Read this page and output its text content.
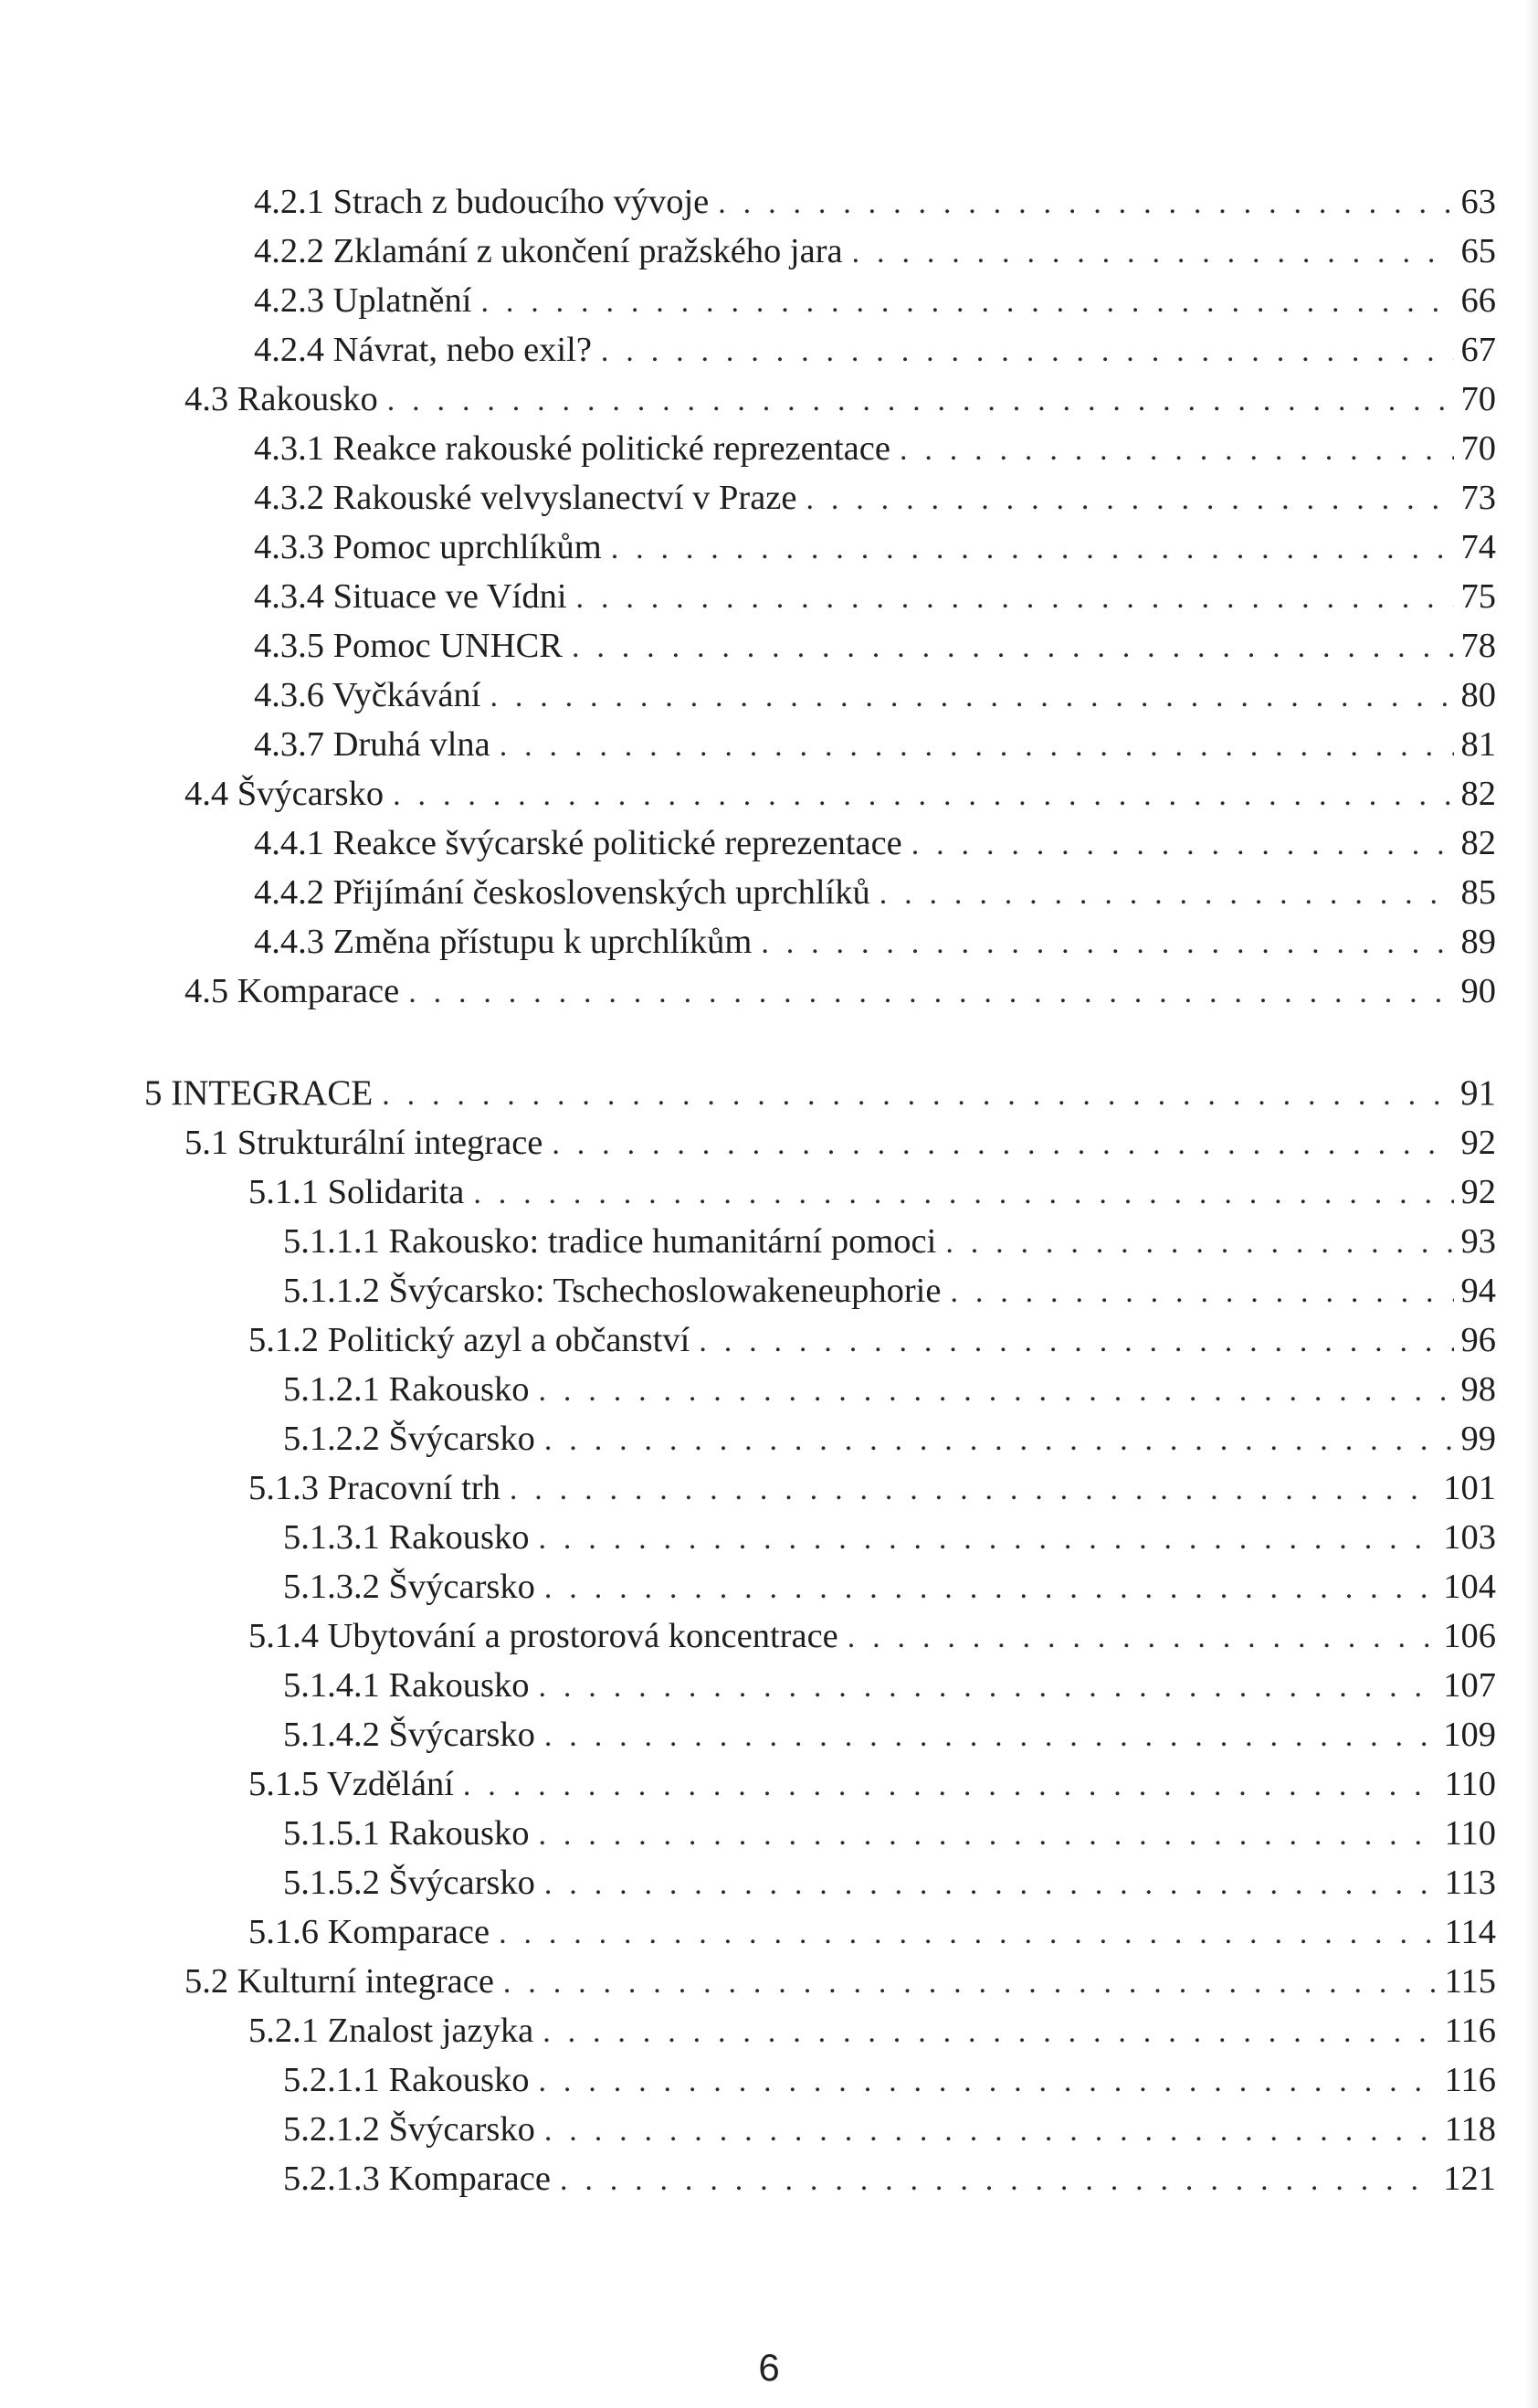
4.2.1 Strach z budoucího vývoje . . .	63
4.2.2 Zklamání z ukončení pražského jara . . .	65
4.2.3 Uplatnění . . .	66
4.2.4 Návrat, nebo exil? . . .	67
4.3 Rakousko . . .	70
4.3.1 Reakce rakouské politické reprezentace . . .	70
4.3.2 Rakouské velvyslanectví v Praze . . .	73
4.3.3 Pomoc uprchlíkům . . .	74
4.3.4 Situace ve Vídni . . .	75
4.3.5 Pomoc UNHCR . . .	78
4.3.6 Vyčkávání . . .	80
4.3.7 Druhá vlna . . .	81
4.4 Švýcarsko . . .	82
4.4.1 Reakce švýcarské politické reprezentace . . .	82
4.4.2 Přijímání československých uprchlíků . . .	85
4.4.3 Změna přístupu k uprchlíkům . . .	89
4.5 Komparace . . .	90
5 INTEGRACE . . .	91
5.1 Strukturální integrace . . .	92
5.1.1 Solidarita . . .	92
5.1.1.1 Rakousko: tradice humanitární pomoci . . .	93
5.1.1.2 Švýcarsko: Tschechoslowakeneuphorie . . .	94
5.1.2 Politický azyl a občanství . . .	96
5.1.2.1 Rakousko . . .	98
5.1.2.2 Švýcarsko . . .	99
5.1.3 Pracovní trh . . .	101
5.1.3.1 Rakousko . . .	103
5.1.3.2 Švýcarsko . . .	104
5.1.4 Ubytování a prostorová koncentrace . . .	106
5.1.4.1 Rakousko . . .	107
5.1.4.2 Švýcarsko . . .	109
5.1.5 Vzdělání . . .	110
5.1.5.1 Rakousko . . .	110
5.1.5.2 Švýcarsko . . .	113
5.1.6 Komparace . . .	114
5.2 Kulturní integrace . . .	115
5.2.1 Znalost jazyka . . .	116
5.2.1.1 Rakousko . . .	116
5.2.1.2 Švýcarsko . . .	118
5.2.1.3 Komparace . . .	121
6
